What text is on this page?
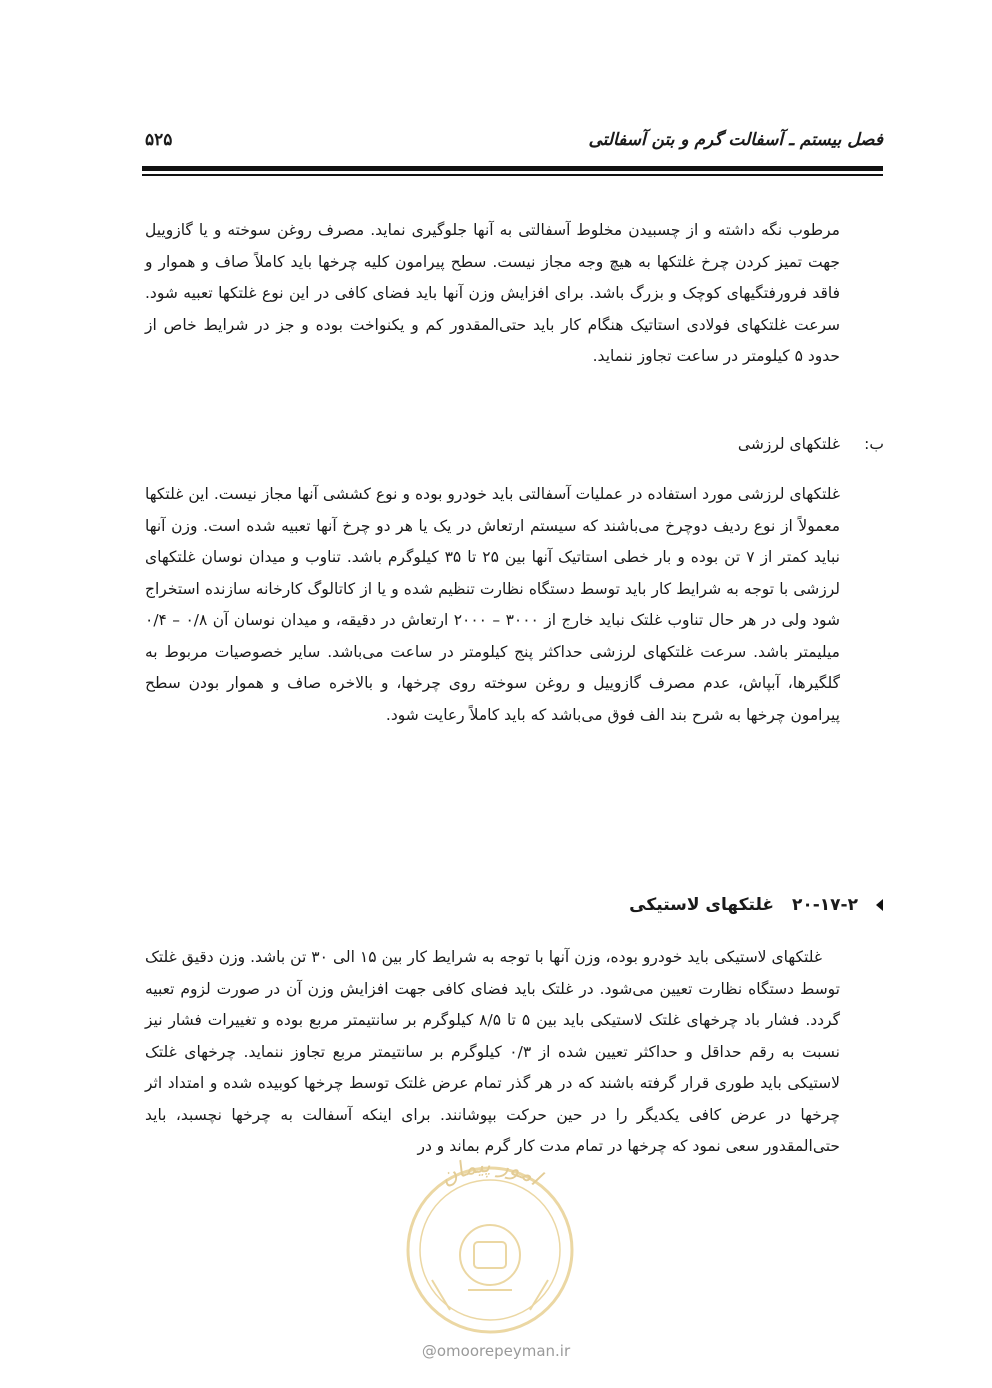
فصل بیستم ـ آسفالت گرم و بتن آسفالتی
۵۲۵
مرطوب نگه داشته و از چسبیدن مخلوط آسفالتی به آنها جلوگیری نماید. مصرف روغن سوخته و یا گازوییل جهت تمیز کردن چرخ غلتکها به هیچ وجه مجاز نیست. سطح پیرامون کلیه چرخها باید کاملاً صاف و هموار و فاقد فرورفتگیهای کوچک و بزرگ باشد. برای افزایش وزن آنها باید فضای کافی در این نوع غلتکها تعبیه شود. سرعت غلتکهای فولادی استاتیک هنگام کار باید حتی‌المقدور کم و یکنواخت بوده و جز در شرایط خاص از حدود ۵ کیلومتر در ساعت تجاوز ننماید.
ب:
غلتکهای لرزشی
غلتکهای لرزشی مورد استفاده در عملیات آسفالتی باید خودرو بوده و نوع کششی آنها مجاز نیست. این غلتکها معمولاً از نوع ردیف دوچرخ می‌باشند که سیستم ارتعاش در یک یا هر دو چرخ آنها تعبیه شده است. وزن آنها نباید کمتر از ۷ تن بوده و بار خطی استاتیک آنها بین ۲۵ تا ۳۵ کیلوگرم باشد. تناوب و میدان نوسان غلتکهای لرزشی با توجه به شرایط کار باید توسط دستگاه نظارت تنظیم شده و یا از کاتالوگ کارخانه سازنده استخراج شود ولی در هر حال تناوب غلتک نباید خارج از ۳۰۰۰ – ۲۰۰۰ ارتعاش در دقیقه، و میدان نوسان آن ۰/۸ – ۰/۴ میلیمتر باشد. سرعت غلتکهای لرزشی حداکثر پنج کیلومتر در ساعت می‌باشد. سایر خصوصیات مربوط به گلگیرها، آبپاش، عدم مصرف گازوییل و روغن سوخته روی چرخها، و بالاخره صاف و هموار بودن سطح پیرامون چرخها به شرح بند الف فوق می‌باشد که باید کاملاً رعایت شود.
۲۰-۱۷-۲
غلتکهای لاستیکی
غلتکهای لاستیکی باید خودرو بوده، وزن آنها با توجه به شرایط کار بین ۱۵ الی ۳۰ تن باشد. وزن دقیق غلتک توسط دستگاه نظارت تعیین می‌شود. در غلتک باید فضای کافی جهت افزایش وزن آن در صورت لزوم تعبیه گردد. فشار باد چرخهای غلتک لاستیکی باید بین ۵ تا ۸/۵ کیلوگرم بر سانتیمتر مربع بوده و تغییرات فشار نیز نسبت به رقم حداقل و حداکثر تعیین شده از ۰/۳ کیلوگرم بر سانتیمتر مربع تجاوز ننماید. چرخهای غلتک لاستیکی باید طوری قرار گرفته باشند که در هر گذر تمام عرض غلتک توسط چرخها کوبیده شده و امتداد اثر چرخها در عرض کافی یکدیگر را در حین حرکت بپوشانند. برای اینکه آسفالت به چرخها نچسبد، باید حتی‌المقدور سعی نمود که چرخها در تمام مدت کار گرم بماند و در
امور پیمان
@omoorepeyman.ir
